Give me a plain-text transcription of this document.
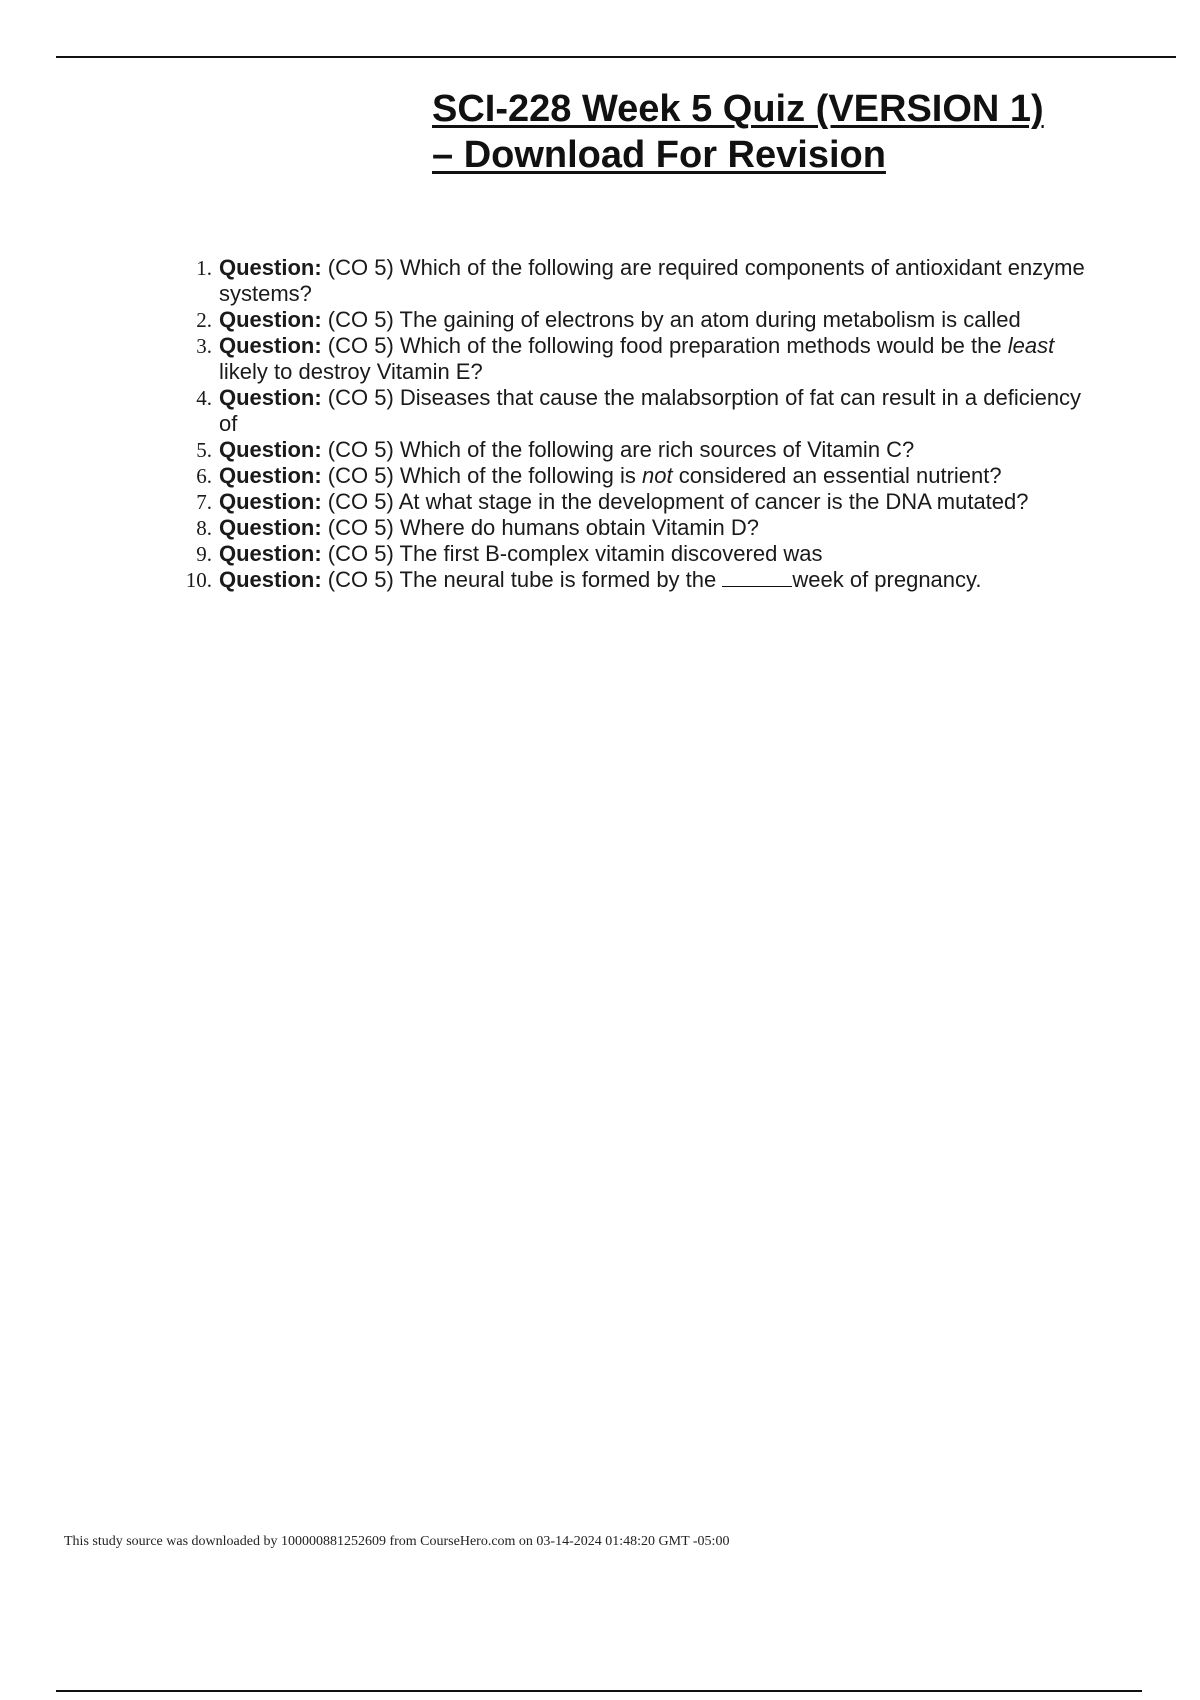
SCI-228 Week 5 Quiz (VERSION 1)
– Download For Revision
1. Question: (CO 5) Which of the following are required components of antioxidant enzyme systems?
2. Question: (CO 5) The gaining of electrons by an atom during metabolism is called
3. Question: (CO 5) Which of the following food preparation methods would be the least likely to destroy Vitamin E?
4. Question: (CO 5) Diseases that cause the malabsorption of fat can result in a deficiency of
5. Question: (CO 5) Which of the following are rich sources of Vitamin C?
6. Question: (CO 5) Which of the following is not considered an essential nutrient?
7. Question: (CO 5) At what stage in the development of cancer is the DNA mutated?
8. Question: (CO 5) Where do humans obtain Vitamin D?
9. Question: (CO 5) The first B-complex vitamin discovered was
10. Question: (CO 5) The neural tube is formed by the	week of pregnancy.
This study source was downloaded by 100000881252609 from CourseHero.com on 03-14-2024 01:48:20 GMT -05:00
